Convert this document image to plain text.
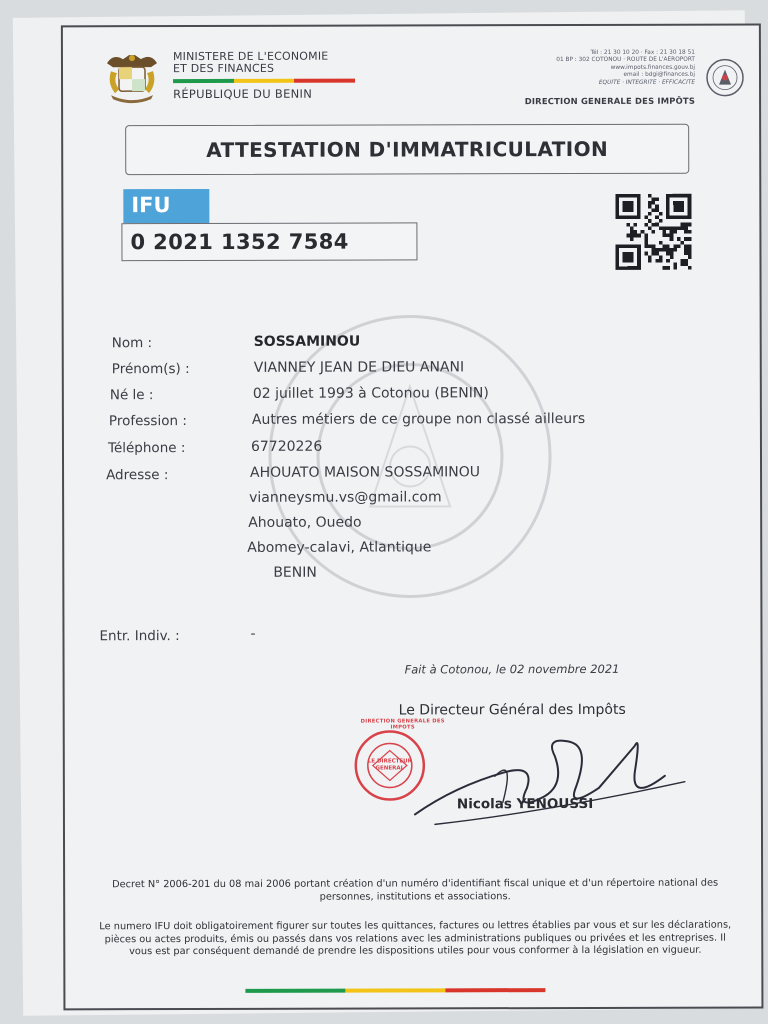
MINISTERE DE L'ECONOMIE
ET DES FINANCES
RÉPUBLIQUE DU BENIN
Tél : 21 30 10 20 · Fax : 21 30 18 51
01 BP : 302 COTONOU · ROUTE DE L'AEROPORT
www.impots.finances.gouv.bj
email : bdgi@finances.bj
EQUITE · INTEGRITE · EFFICACITE
DIRECTION GENERALE DES IMPÔTS
ATTESTATION D'IMMATRICULATION
IFU
0 2021 1352 7584
Nom :	SOSSAMINOU
Prénom(s) :	VIANNEY JEAN DE DIEU ANANI
Né le :	02 juillet 1993 à Cotonou (BENIN)
Profession :	Autres métiers de ce groupe non classé ailleurs
Téléphone :	67720226
Adresse :	AHOUATO MAISON SOSSAMINOU
vianneysmu.vs@gmail.com
Ahouato, Ouedo
Abomey-calavi, Atlantique
BENIN
Entr. Indiv. :	-
Fait à Cotonou, le 02 novembre 2021
Le Directeur Général des Impôts
LE DIRECTEUR GENERAL
DIRECTION GENERALE DES IMPOTS
Nicolas YENOUSSI
Decret N° 2006-201 du 08 mai 2006 portant création d'un numéro d'identifiant fiscal unique et d'un répertoire national des
personnes, institutions et associations.
Le numero IFU doit obligatoirement figurer sur toutes les quittances, factures ou lettres établies par vous et sur les déclarations,
pièces ou actes produits, émis ou passés dans vos relations avec les administrations publiques ou privées et les entreprises. Il
vous est par conséquent demandé de prendre les dispositions utiles pour vous conformer à la législation en vigueur.
